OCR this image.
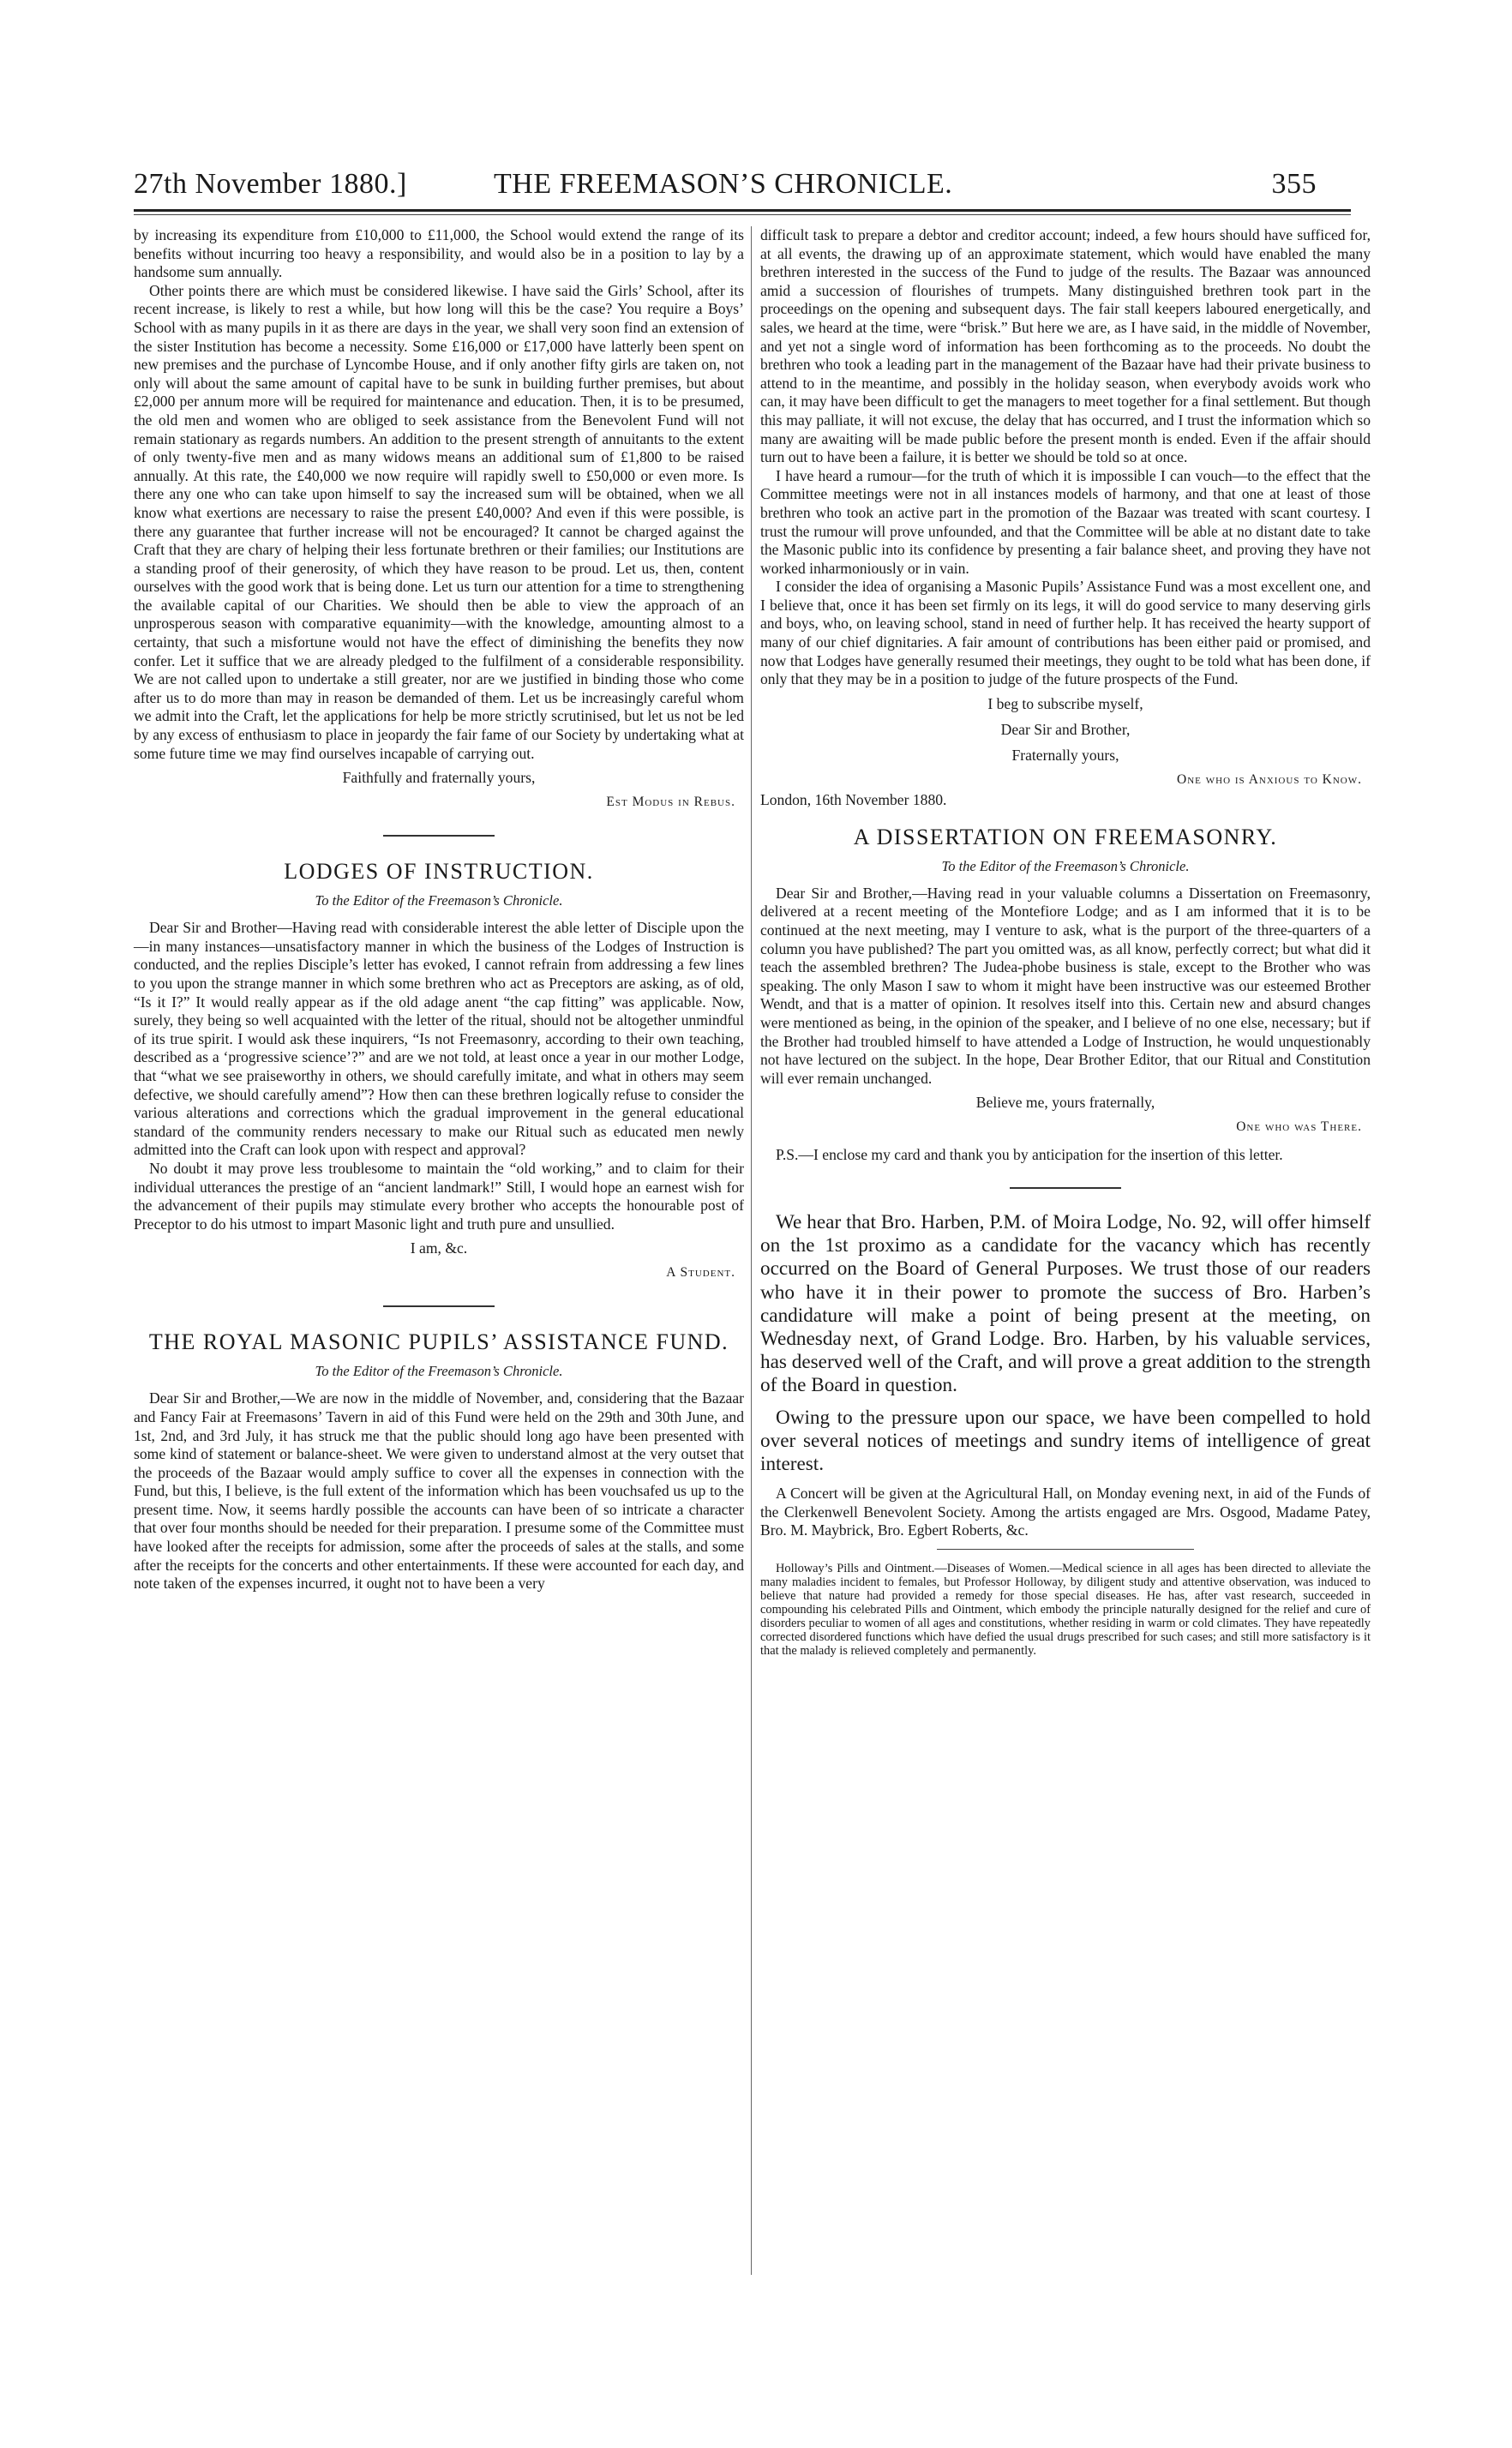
27th November 1880.]	THE FREEMASON’S CHRONICLE.	355

by increasing its expenditure from £10,000 to £11,000, the School would extend the range of its benefits without incurring too heavy a responsibility, and would also be in a position to lay by a handsome sum annually.

Other points there are which must be considered likewise. I have said the Girls’ School, after its recent increase, is likely to rest a while, but how long will this be the case? You require a Boys’ School with as many pupils in it as there are days in the year, we shall very soon find an extension of the sister Institution has become a necessity. Some £16,000 or £17,000 have latterly been spent on new premises and the purchase of Lyncombe House, and if only another fifty girls are taken on, not only will about the same amount of capital have to be sunk in building further premises, but about £2,000 per annum more will be required for maintenance and education. Then, it is to be presumed, the old men and women who are obliged to seek assistance from the Benevolent Fund will not remain stationary as regards numbers. An addition to the present strength of annuitants to the extent of only twenty-five men and as many widows means an additional sum of £1,800 to be raised annually. At this rate, the £40,000 we now require will rapidly swell to £50,000 or even more. Is there any one who can take upon himself to say the increased sum will be obtained, when we all know what exertions are necessary to raise the present £40,000? And even if this were possible, is there any guarantee that further increase will not be encouraged? It cannot be charged against the Craft that they are chary of helping their less fortunate brethren or their families; our Institutions are a standing proof of their generosity, of which they have reason to be proud. Let us, then, content ourselves with the good work that is being done. Let us turn our attention for a time to strengthening the available capital of our Charities. We should then be able to view the approach of an unprosperous season with comparative equanimity—with the knowledge, amounting almost to a certainty, that such a misfortune would not have the effect of diminishing the benefits they now confer. Let it suffice that we are already pledged to the fulfilment of a considerable responsibility. We are not called upon to undertake a still greater, nor are we justified in binding those who come after us to do more than may in reason be demanded of them. Let us be increasingly careful whom we admit into the Craft, let the applications for help be more strictly scrutinised, but let us not be led by any excess of enthusiasm to place in jeopardy the fair fame of our Society by undertaking what at some future time we may find ourselves incapable of carrying out.

Faithfully and fraternally yours,
Est Modus in Rebus.
LODGES OF INSTRUCTION.
To the Editor of the Freemason’s Chronicle.

Dear Sir and Brother—Having read with considerable interest the able letter of Disciple upon the—in many instances—unsatisfactory manner in which the business of the Lodges of Instruction is conducted, and the replies Disciple’s letter has evoked, I cannot refrain from addressing a few lines to you upon the strange manner in which some brethren who act as Preceptors are asking, as of old, “Is it I?” It would really appear as if the old adage anent “the cap fitting” was applicable. Now, surely, they being so well acquainted with the letter of the ritual, should not be altogether unmindful of its true spirit. I would ask these inquirers, “Is not Freemasonry, according to their own teaching, described as a ‘progressive science’?” and are we not told, at least once a year in our mother Lodge, that “what we see praiseworthy in others, we should carefully imitate, and what in others may seem defective, we should carefully amend”? How then can these brethren logically refuse to consider the various alterations and corrections which the gradual improvement in the general educational standard of the community renders necessary to make our Ritual such as educated men newly admitted into the Craft can look upon with respect and approval?

No doubt it may prove less troublesome to maintain the “old working,” and to claim for their individual utterances the prestige of an “ancient landmark!” Still, I would hope an earnest wish for the advancement of their pupils may stimulate every brother who accepts the honourable post of Preceptor to do his utmost to impart Masonic light and truth pure and unsullied.

I am, &c.
A Student.
THE ROYAL MASONIC PUPILS’ ASSISTANCE FUND.
To the Editor of the Freemason’s Chronicle.

Dear Sir and Brother,—We are now in the middle of November, and, considering that the Bazaar and Fancy Fair at Freemasons’ Tavern in aid of this Fund were held on the 29th and 30th June, and 1st, 2nd, and 3rd July, it has struck me that the public should long ago have been presented with some kind of statement or balance-sheet. We were given to understand almost at the very outset that the proceeds of the Bazaar would amply suffice to cover all the expenses in connection with the Fund, but this, I believe, is the full extent of the information which has been vouchsafed us up to the present time. Now, it seems hardly possible the accounts can have been of so intricate a character that over four months should be needed for their preparation. I presume some of the Committee must have looked after the receipts for admission, some after the proceeds of sales at the stalls, and some after the receipts for the concerts and other entertainments. If these were accounted for each day, and note taken of the expenses incurred, it ought not to have been a very

difficult task to prepare a debtor and creditor account; indeed, a few hours should have sufficed for, at all events, the drawing up of an approximate statement, which would have enabled the many brethren interested in the success of the Fund to judge of the results. The Bazaar was announced amid a succession of flourishes of trumpets. Many distinguished brethren took part in the proceedings on the opening and subsequent days. The fair stall keepers laboured energetically, and sales, we heard at the time, were “brisk.” But here we are, as I have said, in the middle of November, and yet not a single word of information has been forthcoming as to the proceeds. No doubt the brethren who took a leading part in the management of the Bazaar have had their private business to attend to in the meantime, and possibly in the holiday season, when everybody avoids work who can, it may have been difficult to get the managers to meet together for a final settlement. But though this may palliate, it will not excuse, the delay that has occurred, and I trust the information which so many are awaiting will be made public before the present month is ended. Even if the affair should turn out to have been a failure, it is better we should be told so at once.

I have heard a rumour—for the truth of which it is impossible I can vouch—to the effect that the Committee meetings were not in all instances models of harmony, and that one at least of those brethren who took an active part in the promotion of the Bazaar was treated with scant courtesy. I trust the rumour will prove unfounded, and that the Committee will be able at no distant date to take the Masonic public into its confidence by presenting a fair balance sheet, and proving they have not worked inharmoniously or in vain.

I consider the idea of organising a Masonic Pupils’ Assistance Fund was a most excellent one, and I believe that, once it has been set firmly on its legs, it will do good service to many deserving girls and boys, who, on leaving school, stand in need of further help. It has received the hearty support of many of our chief dignitaries. A fair amount of contributions has been either paid or promised, and now that Lodges have generally resumed their meetings, they ought to be told what has been done, if only that they may be in a position to judge of the future prospects of the Fund.

I beg to subscribe myself,
Dear Sir and Brother,
Fraternally yours,
One who is Anxious to Know.
London, 16th November 1880.
A DISSERTATION ON FREEMASONRY.
To the Editor of the Freemason’s Chronicle.

Dear Sir and Brother,—Having read in your valuable columns a Dissertation on Freemasonry, delivered at a recent meeting of the Montefiore Lodge; and as I am informed that it is to be continued at the next meeting, may I venture to ask, what is the purport of the three-quarters of a column you have published? The part you omitted was, as all know, perfectly correct; but what did it teach the assembled brethren? The Judea-phobe business is stale, except to the Brother who was speaking. The only Mason I saw to whom it might have been instructive was our esteemed Brother Wendt, and that is a matter of opinion. It resolves itself into this. Certain new and absurd changes were mentioned as being, in the opinion of the speaker, and I believe of no one else, necessary; but if the Brother had troubled himself to have attended a Lodge of Instruction, he would unquestionably not have lectured on the subject. In the hope, Dear Brother Editor, that our Ritual and Constitution will ever remain unchanged.

Believe me, yours fraternally,
One who was There.

P.S.—I enclose my card and thank you by anticipation for the insertion of this letter.

We hear that Bro. Harben, P.M. of Moira Lodge, No. 92, will offer himself on the 1st proximo as a candidate for the vacancy which has recently occurred on the Board of General Purposes. We trust those of our readers who have it in their power to promote the success of Bro. Harben’s candidature will make a point of being present at the meeting, on Wednesday next, of Grand Lodge. Bro. Harben, by his valuable services, has deserved well of the Craft, and will prove a great addition to the strength of the Board in question.

Owing to the pressure upon our space, we have been compelled to hold over several notices of meetings and sundry items of intelligence of great interest.

A Concert will be given at the Agricultural Hall, on Monday evening next, in aid of the Funds of the Clerkenwell Benevolent Society. Among the artists engaged are Mrs. Osgood, Madame Patey, Bro. M. Maybrick, Bro. Egbert Roberts, &c.

Holloway’s Pills and Ointment.—Diseases of Women.—Medical science in all ages has been directed to alleviate the many maladies incident to females, but Professor Holloway, by diligent study and attentive observation, was induced to believe that nature had provided a remedy for those special diseases. He has, after vast research, succeeded in compounding his celebrated Pills and Ointment, which embody the principle naturally designed for the relief and cure of disorders peculiar to women of all ages and constitutions, whether residing in warm or cold climates. They have repeatedly corrected disordered functions which have defied the usual drugs prescribed for such cases; and still more satisfactory is it that the malady is relieved completely and permanently.
